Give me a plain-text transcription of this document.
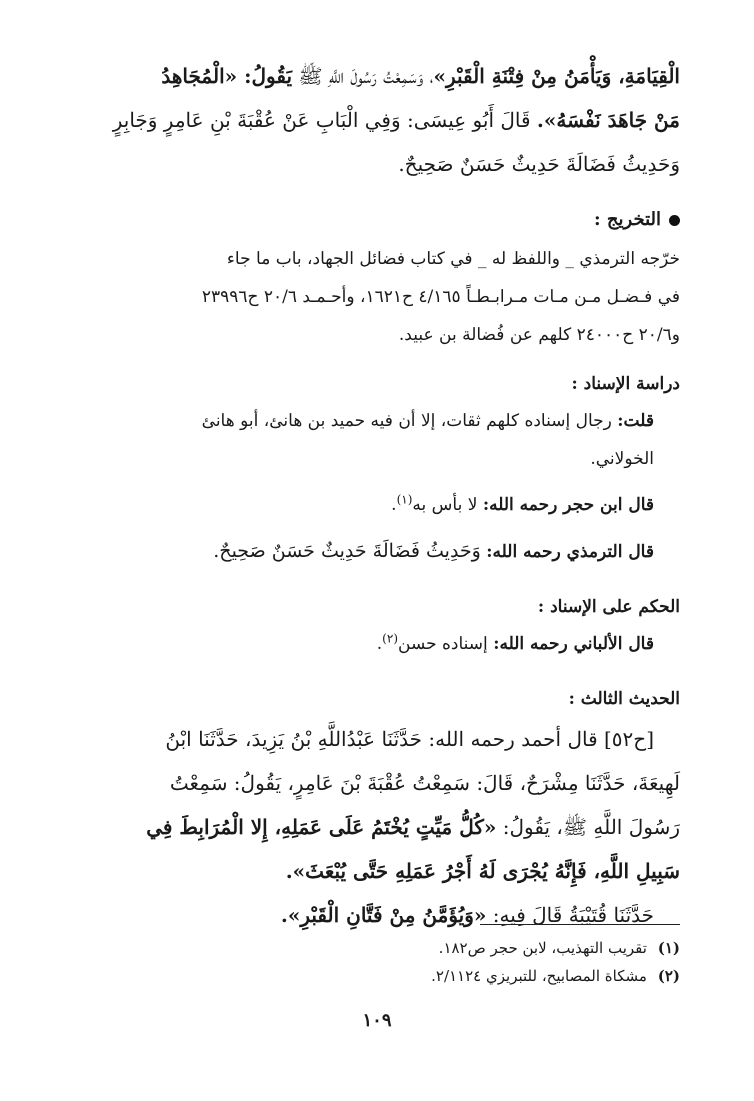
الْقِيَامَةِ، وَيَأْمَنُ مِنْ فِتْنَةِ الْقَبْرِ»، وَسَمِعْتُ رَسُولَ اللَّهِ ﷺ يَقُولُ: «الْمُجَاهِدُ
مَنْ جَاهَدَ نَفْسَهُ». قَالَ أَبُو عِيسَى: وَفِي الْبَابِ عَنْ عُقْبَةَ بْنِ عَامِرٍ وَجَابِرٍ
وَحَدِيثُ فَضَالَةَ حَدِيثٌ حَسَنٌ صَحِيحٌ.
التخريج :
خرّجه الترمذي _ واللفظ له _ في كتاب فضائل الجهاد، باب ما جاء
في فـضـل مـن مـات مـرابـطـاً ٤/١٦٥ ح١٦٢١، وأحـمـد ٢٠/٦ ح٢٣٩٩٦
و٢٠/٦ ح٢٤٠٠٠ كلهم عن فُضالة بن عبيد.
دراسة الإسناد :
قلت: رجال إسناده كلهم ثقات، إلا أن فيه حميد بن هانئ، أبو هانئ
الخولاني.
قال ابن حجر رحمه الله: لا بأس به$^{(١)}$.
قال الترمذي رحمه الله: وَحَدِيثُ فَضَالَةَ حَدِيثٌ حَسَنٌ صَحِيحٌ.
الحكم على الإسناد :
قال الألباني رحمه الله: إسناده حسن$^{(٢)}$.
الحديث الثالث :
[ح٥٢] قال أحمد رحمه الله: حَدَّثَنَا عَبْدُاللَّهِ بْنُ يَزِيدَ، حَدَّثَنَا ابْنُ
لَهِيعَةَ، حَدَّثَنَا مِشْرَحٌ، قَالَ: سَمِعْتُ عُقْبَةَ بْنَ عَامِرٍ، يَقُولُ: سَمِعْتُ
رَسُولَ اللَّهِ ﷺ، يَقُولُ: «كُلُّ مَيِّتٍ يُخْتَمُ عَلَى عَمَلِهِ، إِلا الْمُرَابِطَ فِي
سَبِيلِ اللَّهِ، فَإِنَّهُ يُجْرَى لَهُ أَجْرُ عَمَلِهِ حَتَّى يُبْعَثَ».
حَدَّثَنَا قُتَيْبَةُ قَالَ فِيهِ: «وَيُؤَمَّنُ مِنْ فَتَّانِ الْقَبْرِ».
(١) تقريب التهذيب، لابن حجر ص١٨٢.
(٢) مشكاة المصابيح، للتبريزي ٢/١١٢٤.
١٠٩
